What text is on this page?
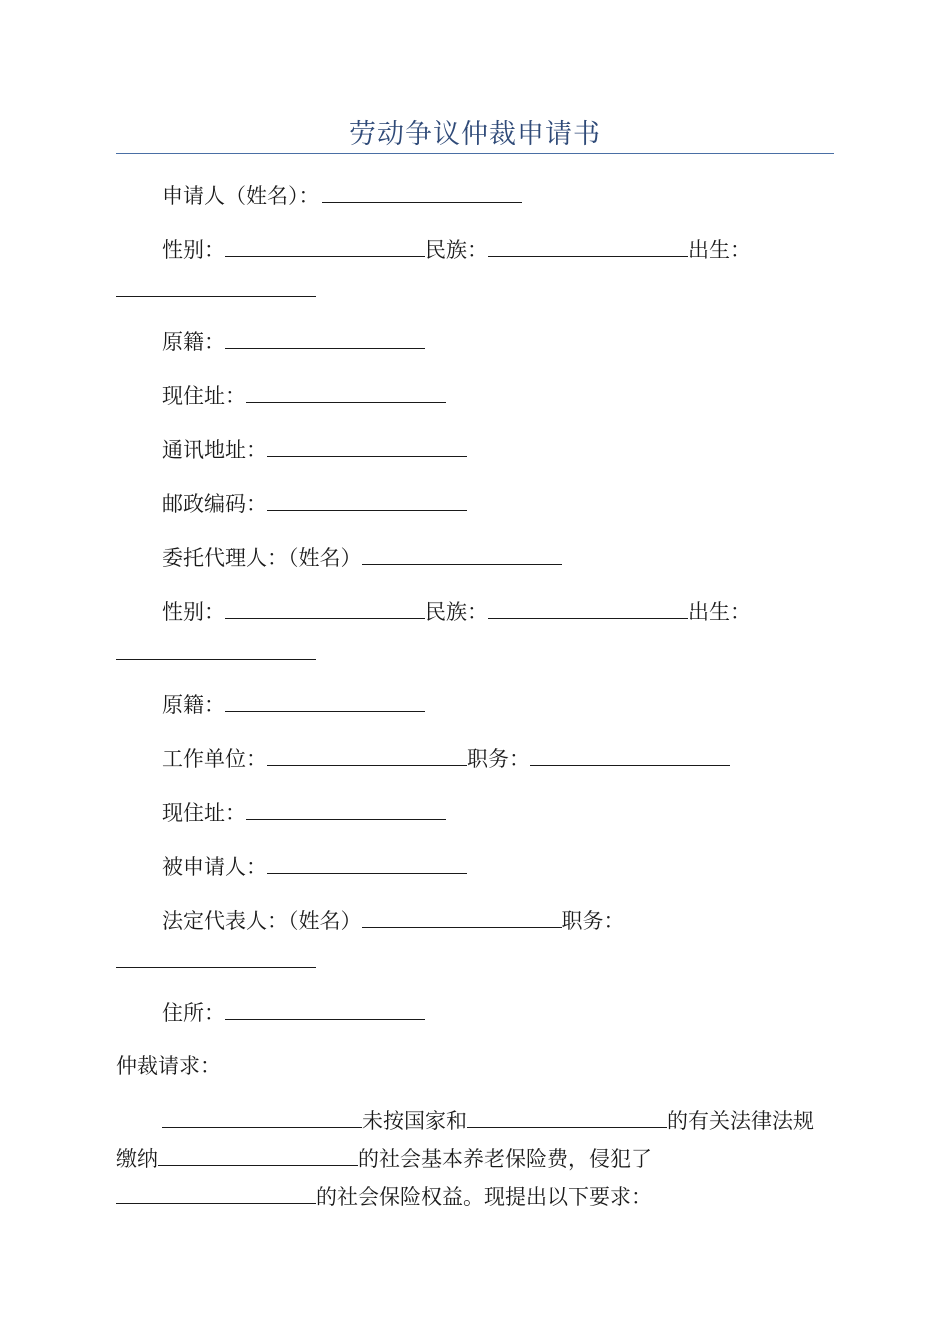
劳动争议仲裁申请书
申请人（姓名）：
性别：	民族：	出生：
原籍：
现住址：
通讯地址：
邮政编码：
委托代理人：（姓名）
性别：	民族：	出生：
原籍：
工作单位：	职务：
现住址：
被申请人：
法定代表人：（姓名）	职务：
住所：
仲裁请求：
未按国家和	的有关法律法规
缴纳	的社会基本养老保险费，侵犯了
的社会保险权益。现提出以下要求：
